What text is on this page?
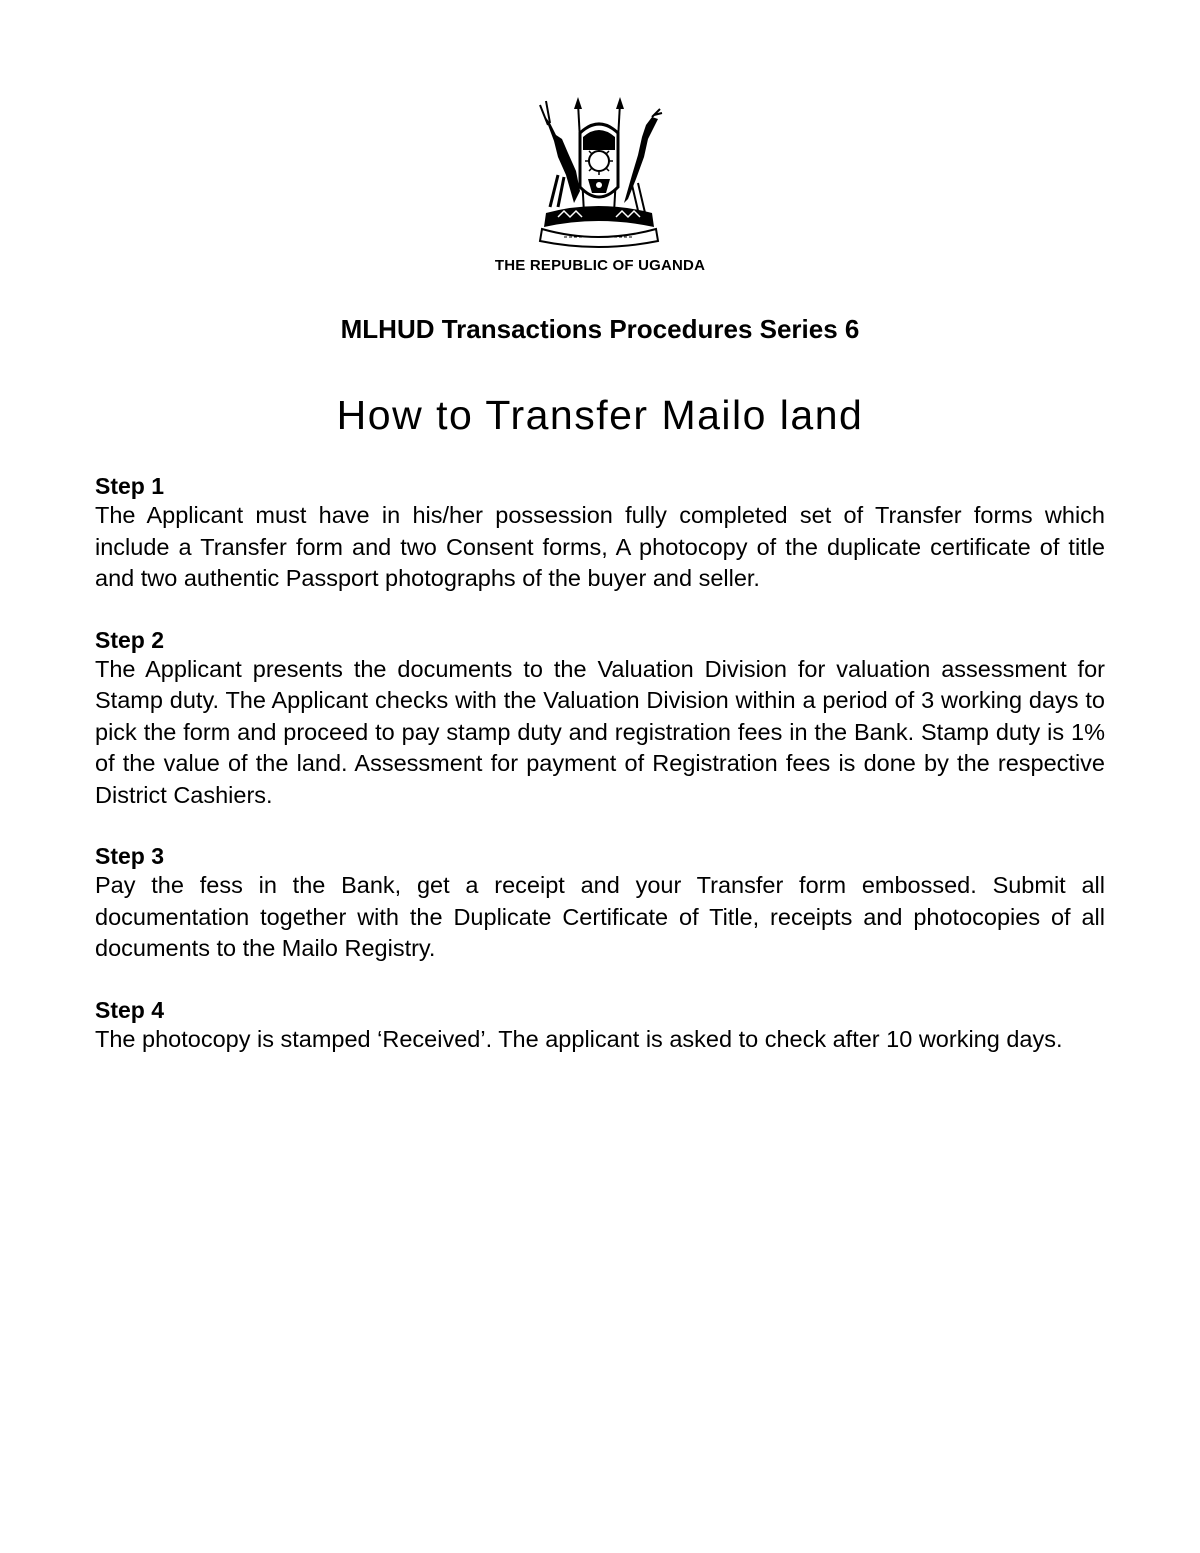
THE REPUBLIC OF UGANDA
MLHUD Transactions Procedures Series 6
How to Transfer Mailo land

Step 1

The Applicant must have in his/her possession fully completed set of Transfer forms which include a Transfer form and two Consent forms, A photocopy of the duplicate certificate of title and two authentic Passport photographs of the buyer and seller.

Step 2

The Applicant presents the documents to the Valuation Division for valuation assessment for Stamp duty. The Applicant checks with the Valuation Division within a period of 3 working days to pick the form and proceed to pay stamp duty and registration fees in the Bank. Stamp duty is 1% of the value of the land. Assessment for payment of Registration fees is done by the respective District Cashiers.

Step 3

Pay the fess in the Bank, get a receipt and your Transfer form embossed. Submit all documentation together with the Duplicate Certificate of Title, receipts and photocopies of all documents to the Mailo Registry.

Step 4

The photocopy is stamped ‘Received’. The applicant is asked to check after 10 working days.
